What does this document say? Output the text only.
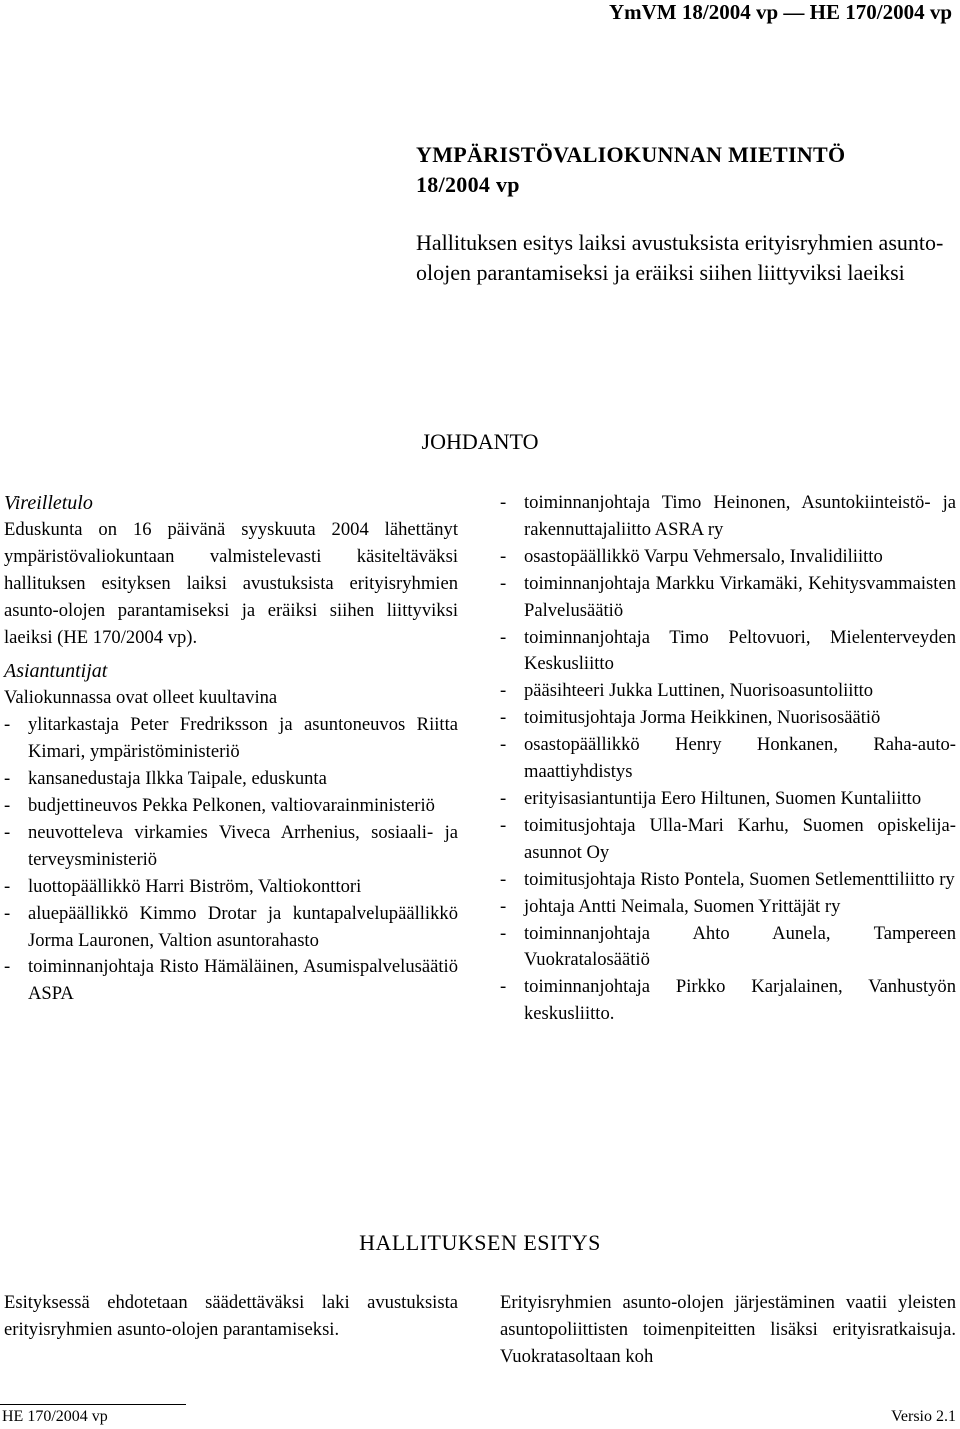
YmVM 18/2004 vp — HE 170/2004 vp
YMPÄRISTÖVALIOKUNNAN MIETINTÖ
18/2004 vp
Hallituksen esitys laiksi avustuksista erityisryhmien asunto-olojen parantamiseksi ja eräiksi siihen liittyviksi laeiksi
JOHDANTO
Vireilletulo

Eduskunta on 16 päivänä syyskuuta 2004 lähettänyt ympäristövaliokuntaan valmistelevasti käsiteltäväksi hallituksen esityksen laiksi avustuksista erityisryhmien asunto-olojen parantamiseksi ja eräiksi siihen liittyviksi laeiksi (HE 170/2004 vp).

Asiantuntijat

Valiokunnassa ovat olleet kuultavina

- ylitarkastaja Peter Fredriksson ja asuntoneuvos Riitta Kimari, ympäristöministeriö
- kansanedustaja Ilkka Taipale, eduskunta
- budjettineuvos Pekka Pelkonen, valtiovarainministeriö
- neuvotteleva virkamies Viveca Arrhenius, sosiaali- ja terveysministeriö
- luottopäällikkö Harri Biström, Valtiokonttori
- aluepäällikkö Kimmo Drotar ja kuntapalvelupäällikkö Jorma Lauronen, Valtion asuntorahasto
- toiminnanjohtaja Risto Hämäläinen, Asumispalvelusäätiö ASPA
- toiminnanjohtaja Timo Heinonen, Asuntokiinteistö- ja rakennuttajaliitto ASRA ry
- osastopäällikkö Varpu Vehmersalo, Invalidiliitto
- toiminnanjohtaja Markku Virkamäki, Kehitysvammaisten Palvelusäätiö
- toiminnanjohtaja Timo Peltovuori, Mielenterveyden Keskusliitto
- pääsihteeri Jukka Luttinen, Nuorisoasuntoliitto
- toimitusjohtaja Jorma Heikkinen, Nuorisosäätiö
- osastopäällikkö Henry Honkanen, Raha-automaattiyhdistys
- erityisasiantuntija Eero Hiltunen, Suomen Kuntaliitto
- toimitusjohtaja Ulla-Mari Karhu, Suomen opiskelija-asunnot Oy
- toimitusjohtaja Risto Pontela, Suomen Setlementtiliitto ry
- johtaja Antti Neimala, Suomen Yrittäjät ry
- toiminnanjohtaja Ahto Aunela, Tampereen Vuokratalosäätiö
- toiminnanjohtaja Pirkko Karjalainen, Vanhustyön keskusliitto.
HALLITUKSEN ESITYS
Esityksessä ehdotetaan säädettäväksi laki avustuksista erityisryhmien asunto-olojen parantamiseksi.
Erityisryhmien asunto-olojen järjestäminen vaatii yleisten asuntopoliittisten toimenpiteitten lisäksi erityisratkaisuja. Vuokratasoltaan koh
HE 170/2004 vp	Versio 2.1
